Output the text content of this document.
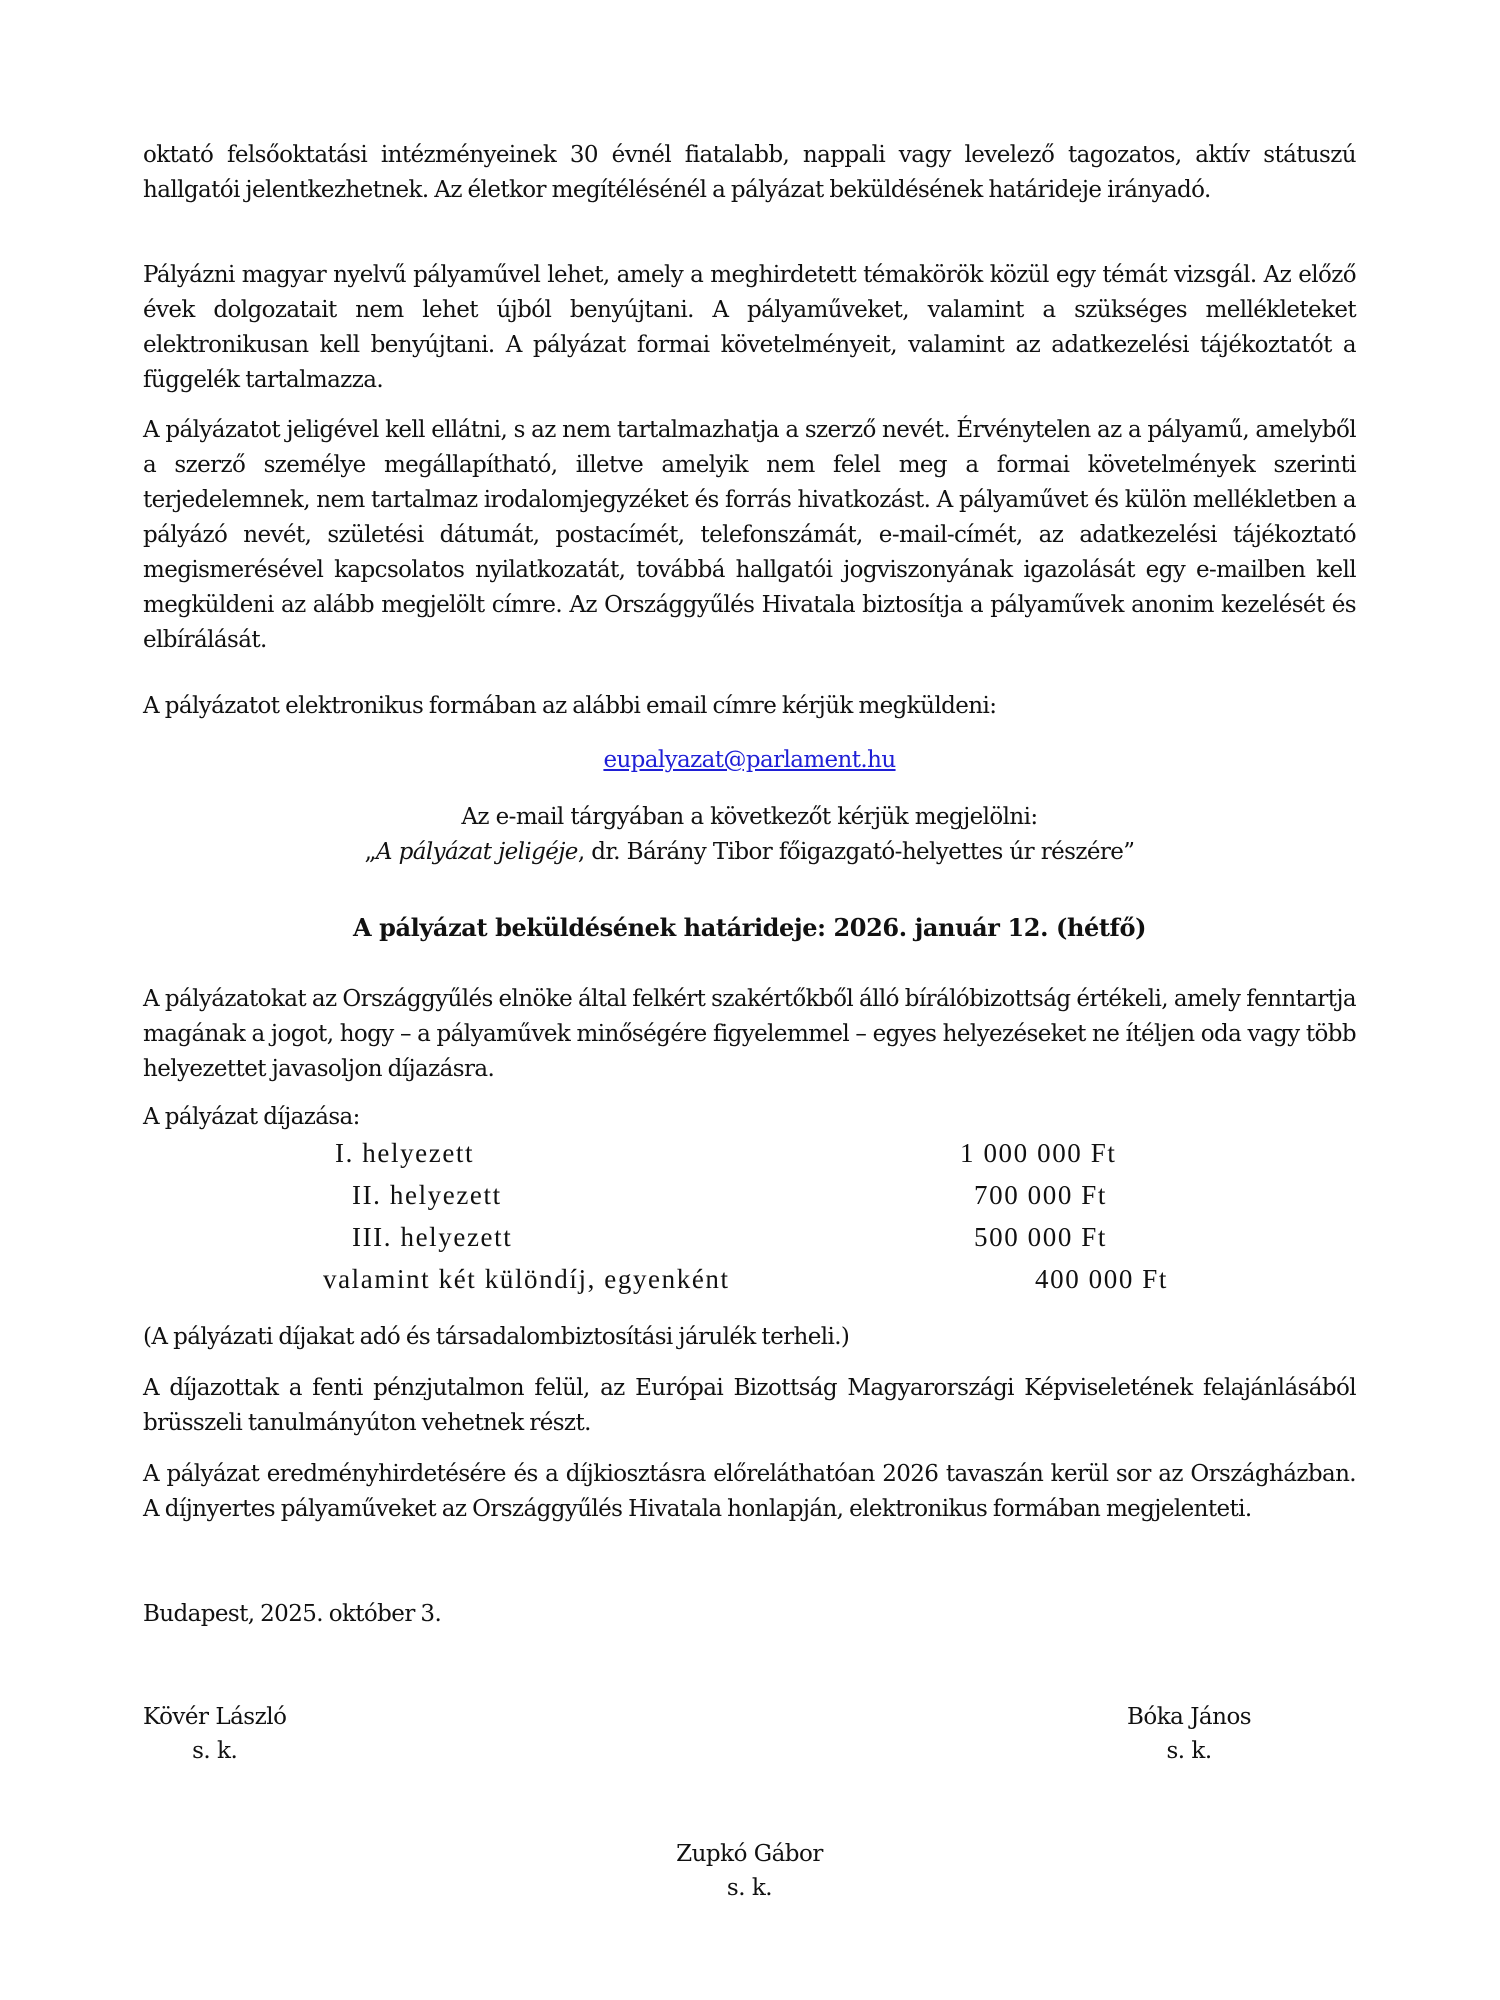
oktató felsőoktatási intézményeinek 30 évnél fiatalabb, nappali vagy levelező tagozatos, aktív státuszú hallgatói jelentkezhetnek. Az életkor megítélésénél a pályázat beküldésének határideje irányadó.

Pályázni magyar nyelvű pályaművel lehet, amely a meghirdetett témakörök közül egy témát vizsgál. Az előző évek dolgozatait nem lehet újból benyújtani. A pályaműveket, valamint a szükséges mellékleteket elektronikusan kell benyújtani. A pályázat formai követelményeit, valamint az adatkezelési tájékoztatót a függelék tartalmazza.

A pályázatot jeligével kell ellátni, s az nem tartalmazhatja a szerző nevét. Érvénytelen az a pályamű, amelyből a szerző személye megállapítható, illetve amelyik nem felel meg a formai követelmények szerinti terjedelemnek, nem tartalmaz irodalomjegyzéket és forrás hivatkozást. A pályaművet és külön mellékletben a pályázó nevét, születési dátumát, postacímét, telefonszámát, e-mail-címét, az adatkezelési tájékoztató megismerésével kapcsolatos nyilatkozatát, továbbá hallgatói jogviszonyának igazolását egy e-mailben kell megküldeni az alább megjelölt címre. Az Országgyűlés Hivatala biztosítja a pályaművek anonim kezelését és elbírálását.

A pályázatot elektronikus formában az alábbi email címre kérjük megküldeni:

eupalyazat@parlament.hu
Az e-mail tárgyában a következőt kérjük megjelölni:
„A pályázat jeligéje, dr. Bárány Tibor főigazgató-helyettes úr részére”
A pályázat beküldésének határideje: 2026. január 12. (hétfő)

A pályázatokat az Országgyűlés elnöke által felkért szakértőkből álló bírálóbizottság értékeli, amely fenntartja magának a jogot, hogy – a pályaművek minőségére figyelemmel – egyes helyezéseket ne ítéljen oda vagy több helyezettet javasoljon díjazásra.

A pályázat díjazása:

I. helyezett	1 000 000 Ft
II. helyezett	700 000 Ft
III. helyezett	500 000 Ft
valamint két különdíj, egyenként	400 000 Ft

(A pályázati díjakat adó és társadalombiztosítási járulék terheli.)

A díjazottak a fenti pénzjutalmon felül, az Európai Bizottság Magyarországi Képviseletének felajánlásából brüsszeli tanulmányúton vehetnek részt.

A pályázat eredményhirdetésére és a díjkiosztásra előreláthatóan 2026 tavaszán kerül sor az Országházban. A díjnyertes pályaműveket az Országgyűlés Hivatala honlapján, elektronikus formában megjelenteti.

Budapest, 2025. október 3.

Kövér László
s. k.
Bóka János
s. k.
Zupkó Gábor
s. k.
